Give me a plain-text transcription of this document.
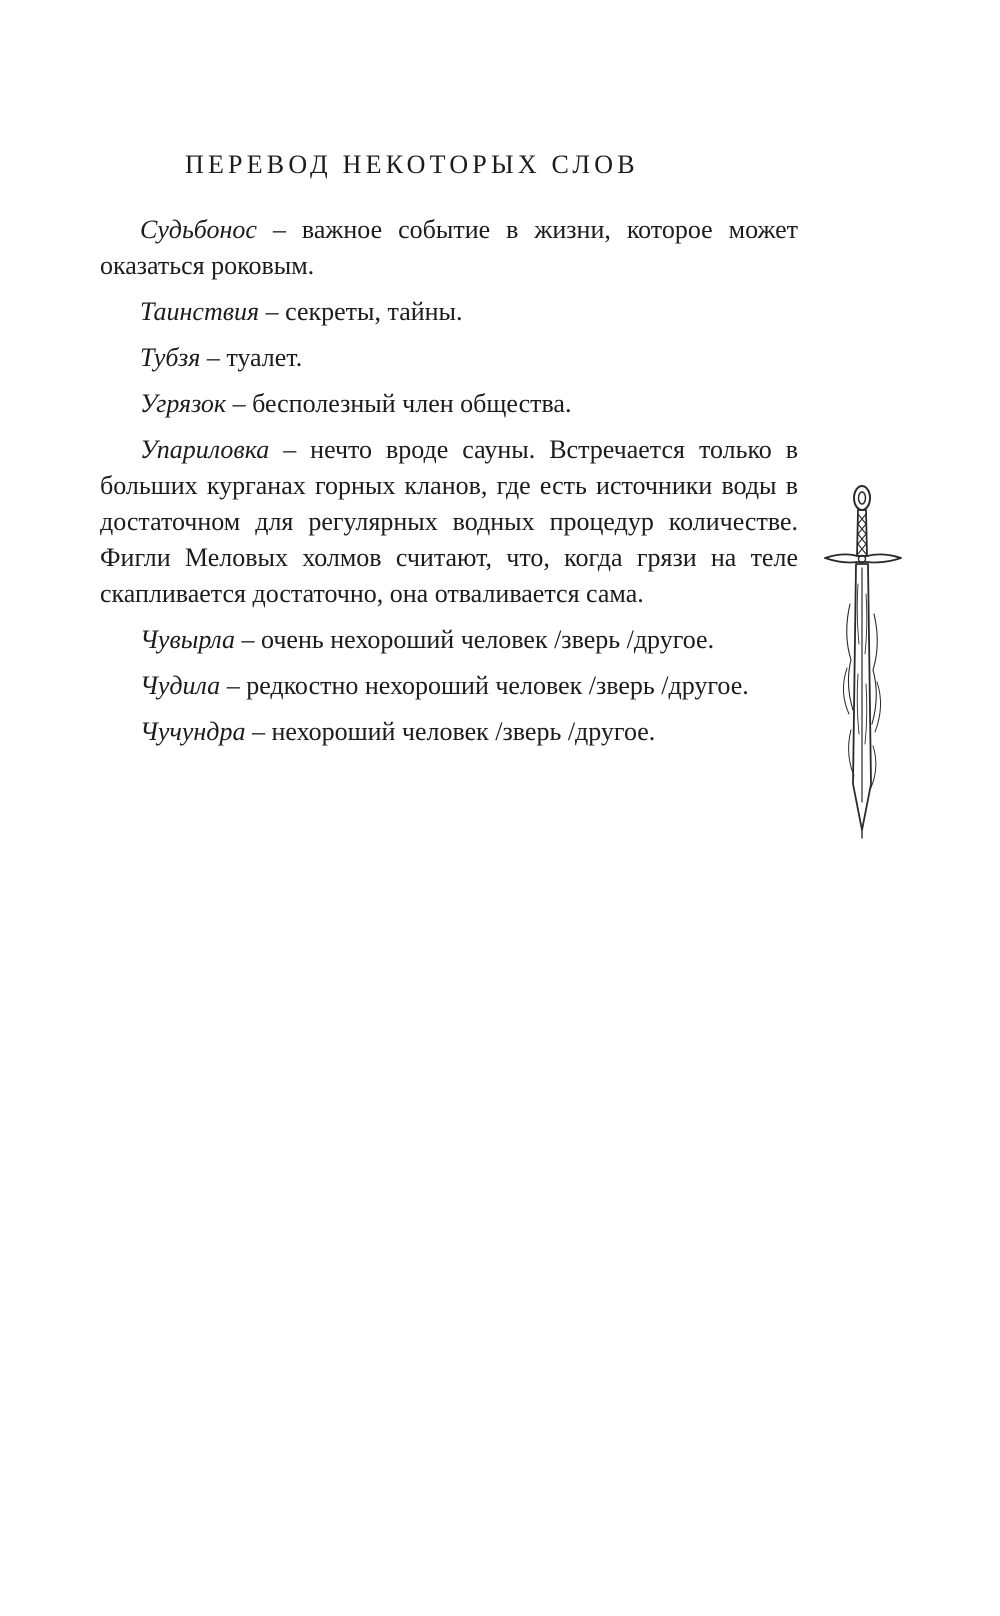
ПЕРЕВОД НЕКОТОРЫХ СЛОВ

Судьбонос – важное событие в жизни, которое может оказаться роковым.

Таинствия – секреты, тайны.

Тубзя – туалет.

Угрязок – бесполезный член общества.

Упариловка – нечто вроде сауны. Встречается только в больших курганах горных кланов, где есть источники воды в достаточном для регулярных водных процедур количестве. Фигли Меловых холмов считают, что, когда грязи на теле скапливается достаточно, она отваливается сама.

Чувырла – очень нехороший человек /зверь /другое.

Чудила – редкостно нехороший человек /зверь /другое.

Чучундра – нехороший человек /зверь /другое.
